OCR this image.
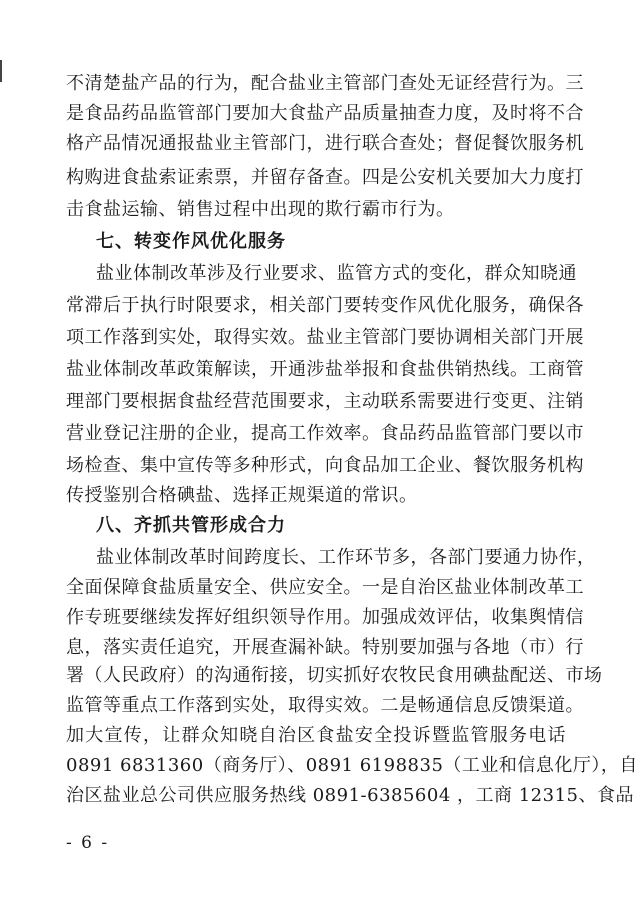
不清楚盐产品的行为，配合盐业主管部门查处无证经营行为。三
是食品药品监管部门要加大食盐产品质量抽查力度，及时将不合
格产品情况通报盐业主管部门，进行联合查处；督促餐饮服务机
构购进食盐索证索票，并留存备查。四是公安机关要加大力度打
击食盐运输、销售过程中出现的欺行霸市行为。
七、转变作风优化服务
盐业体制改革涉及行业要求、监管方式的变化，群众知晓通
常滞后于执行时限要求，相关部门要转变作风优化服务，确保各
项工作落到实处，取得实效。盐业主管部门要协调相关部门开展
盐业体制改革政策解读，开通涉盐举报和食盐供销热线。工商管
理部门要根据食盐经营范围要求，主动联系需要进行变更、注销
营业登记注册的企业，提高工作效率。食品药品监管部门要以市
场检查、集中宣传等多种形式，向食品加工企业、餐饮服务机构
传授鉴别合格碘盐、选择正规渠道的常识。
八、齐抓共管形成合力
盐业体制改革时间跨度长、工作环节多，各部门要通力协作，
全面保障食盐质量安全、供应安全。一是自治区盐业体制改革工
作专班要继续发挥好组织领导作用。加强成效评估，收集舆情信
息，落实责任追究，开展查漏补缺。特别要加强与各地（市）行
署（人民政府）的沟通衔接，切实抓好农牧民食用碘盐配送、市场
监管等重点工作落到实处，取得实效。二是畅通信息反馈渠道。
加大宣传，让群众知晓自治区食盐安全投诉暨监管服务电话
0891 6831360（商务厅）、0891 6198835（工业和信息化厅），自
治区盐业总公司供应服务热线 0891-6385604 ，工商 12315、食品
- 6 -
